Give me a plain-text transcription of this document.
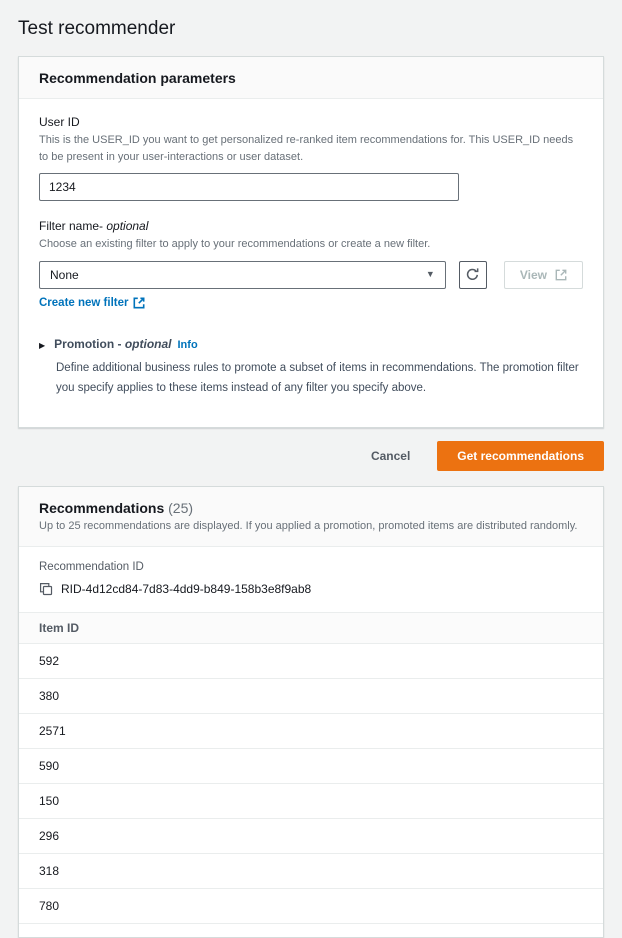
Test recommender
Recommendation parameters
User ID
This is the USER_ID you want to get personalized re-ranked item recommendations for. This USER_ID needs to be present in your user-interactions or user dataset.
1234
Filter name- optional
Choose an existing filter to apply to your recommendations or create a new filter.
None	▼	View
Create new filter
▶ Promotion - optional Info
Define additional business rules to promote a subset of items in recommendations. The promotion filter you specify applies to these items instead of any filter you specify above.
Cancel	Get recommendations
Recommendations (25)
Up to 25 recommendations are displayed. If you applied a promotion, promoted items are distributed randomly.
Recommendation ID
RID-4d12cd84-7d83-4dd9-b849-158b3e8f9ab8
Item ID
592
380
2571
590
150
296
318
780
